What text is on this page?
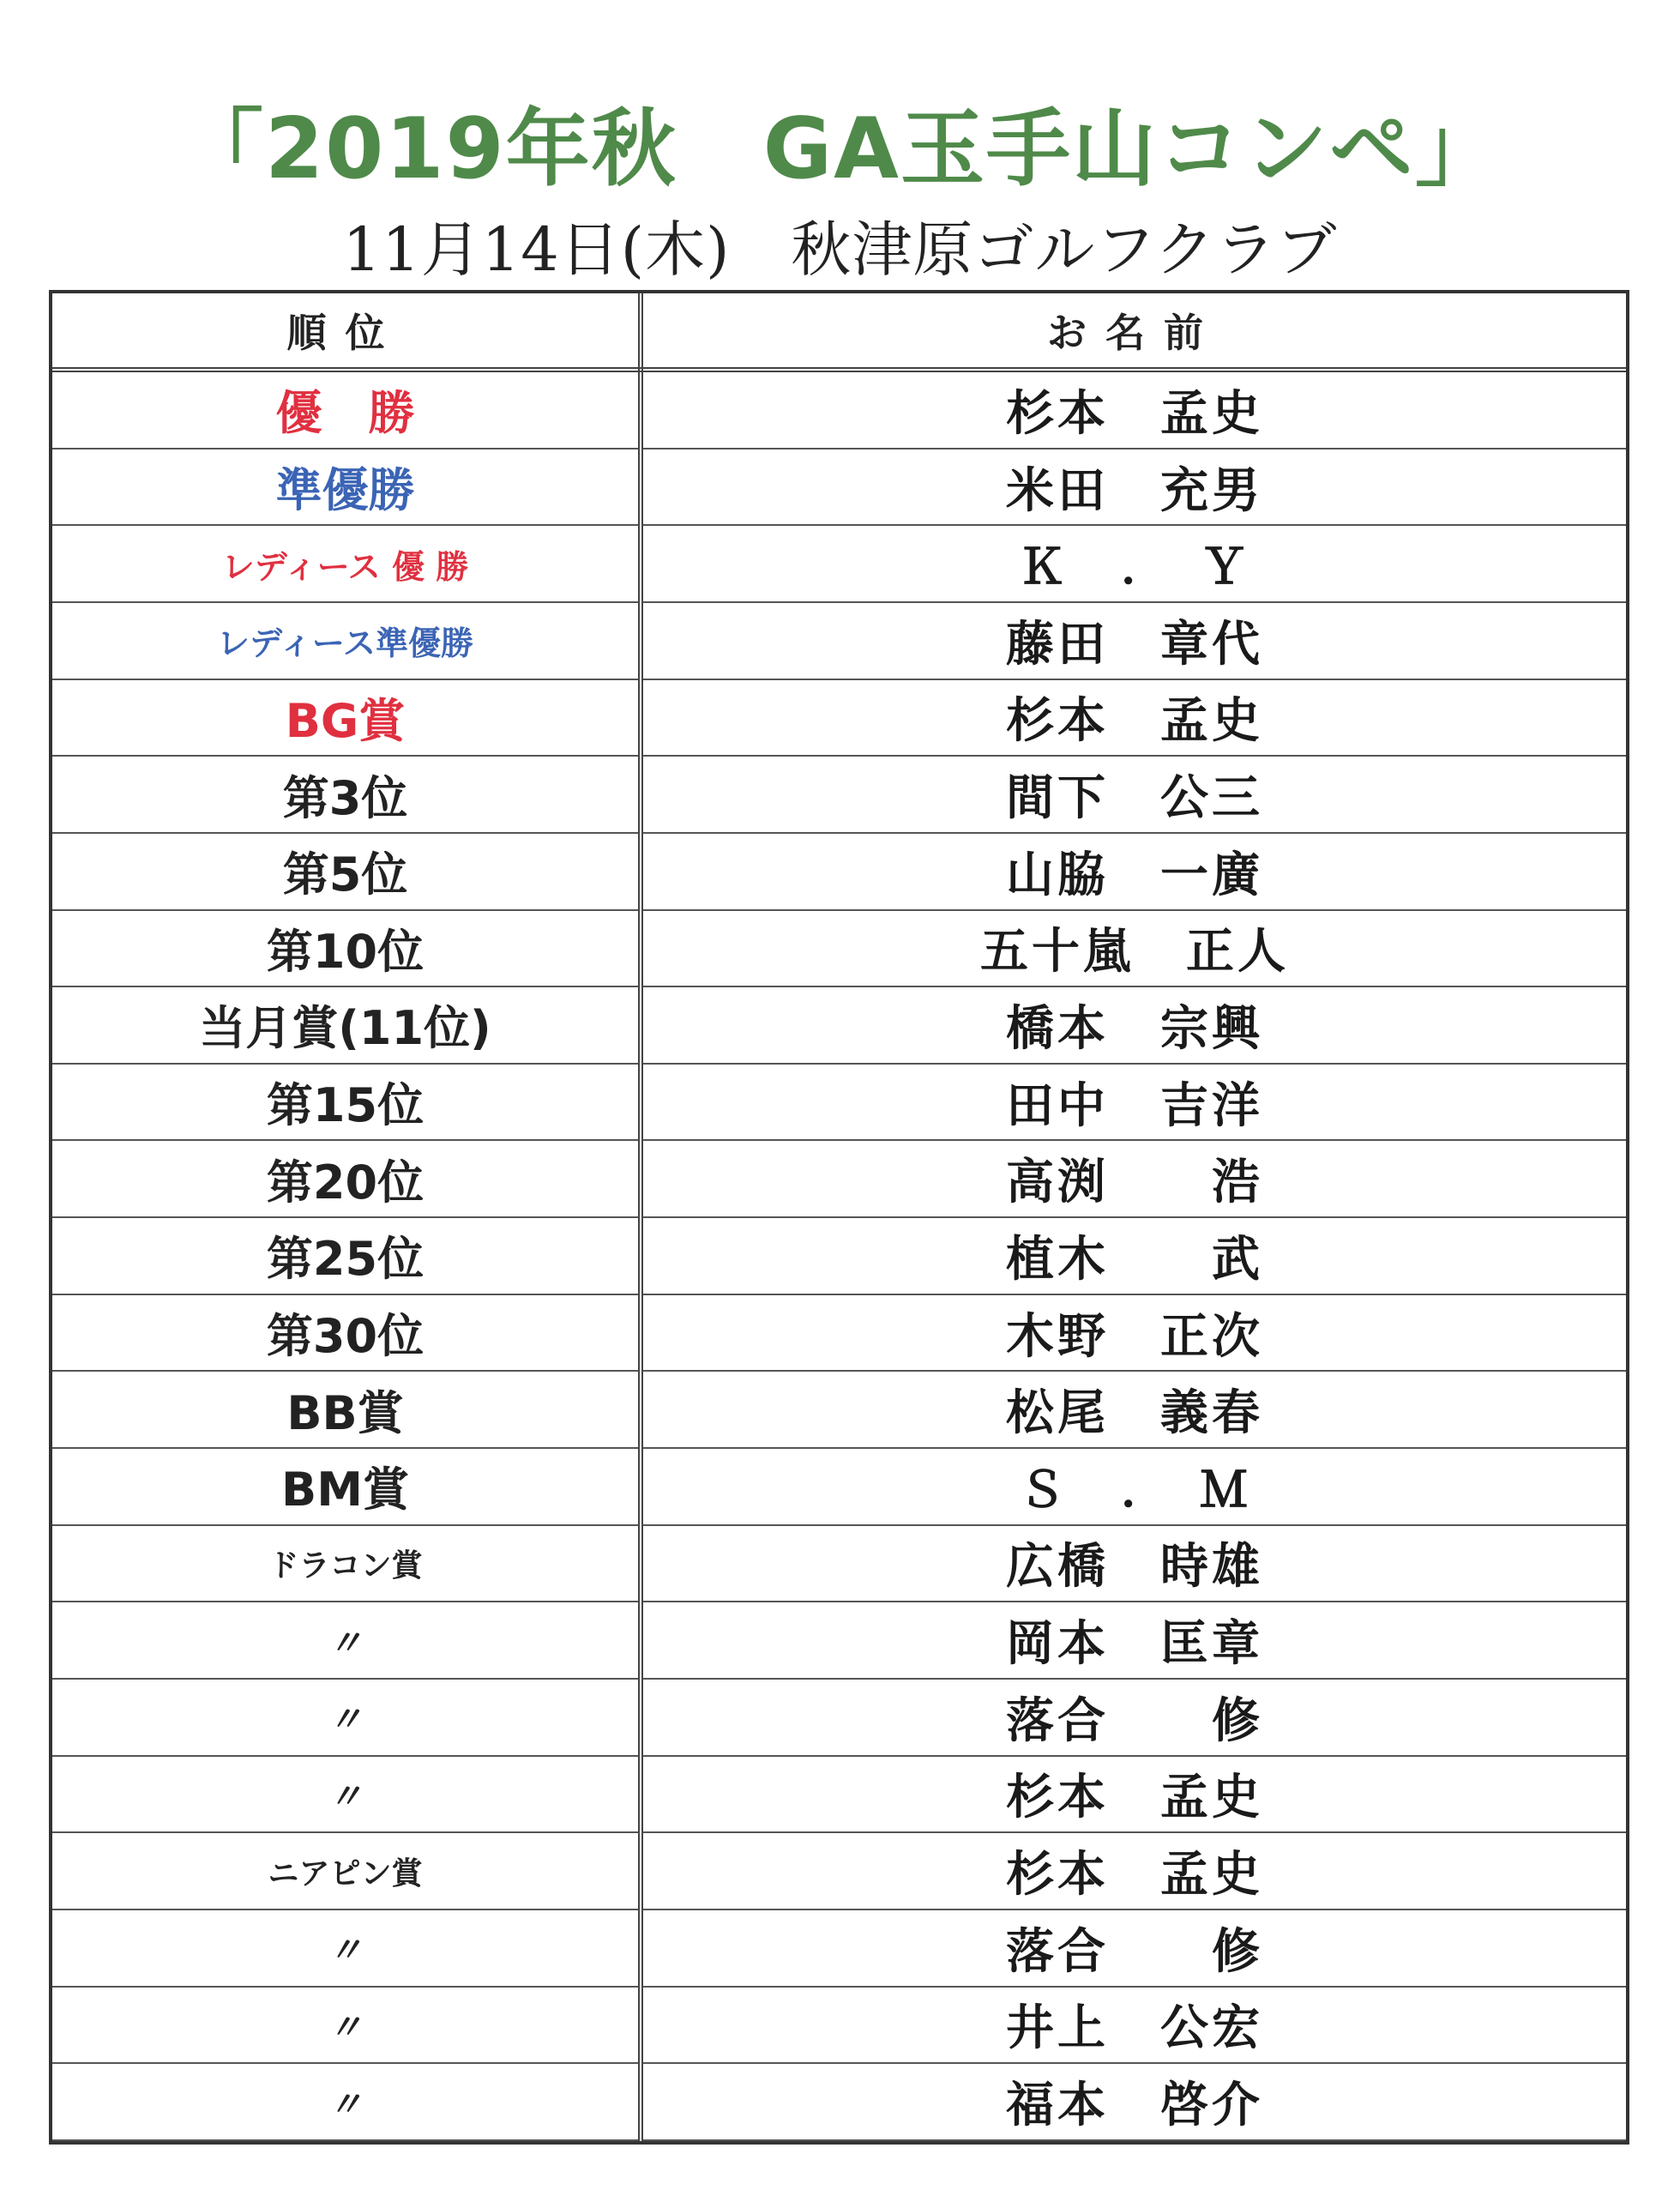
「2019年秋　GA玉手山コンペ」
11月14日(木)　秋津原ゴルフクラブ
順位	お名前
優　勝	杉本　孟史
準優勝	米田　充男
レディース 優 勝	Ｋ　．　Ｙ
レディース準優勝	藤田　章代
BG賞	杉本　孟史
第3位	間下　公三
第5位	山脇　一廣
第10位	五十嵐　正人
当月賞(11位)	橋本　宗興
第15位	田中　吉洋
第20位	高渕　　浩
第25位	植木　　武
第30位	木野　正次
BB賞	松尾　義春
BM賞	Ｓ　．　Ｍ
ドラコン賞	広橋　時雄
〃	岡本　匡章
〃	落合　　修
〃	杉本　孟史
ニアピン賞	杉本　孟史
〃	落合　　修
〃	井上　公宏
〃	福本　啓介
